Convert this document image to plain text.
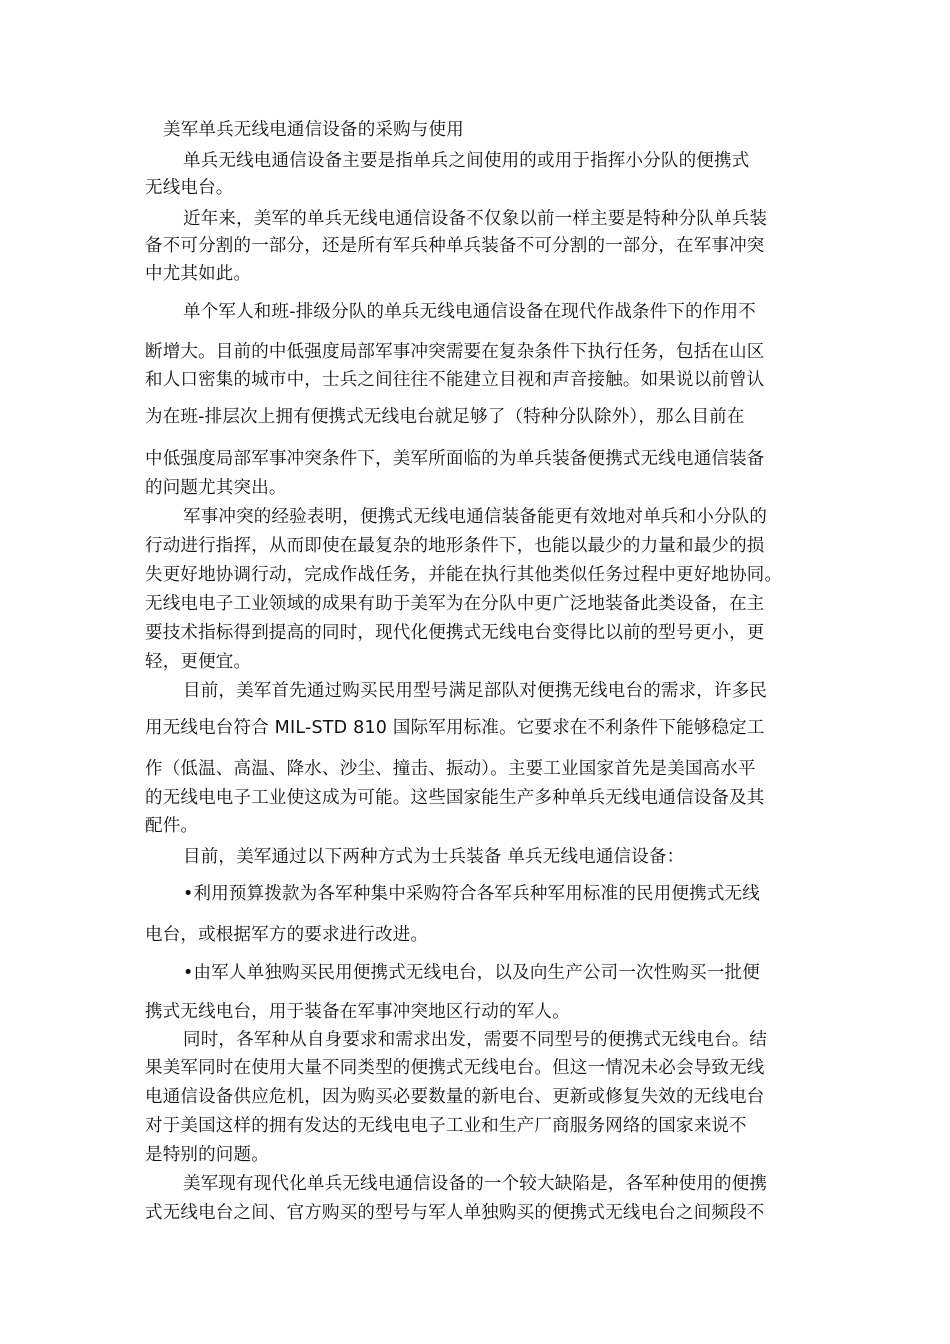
美军单兵无线电通信设备的采购与使用
单兵无线电通信设备主要是指单兵之间使用的或用于指挥小分队的便携式
无线电台。
近年来，美军的单兵无线电通信设备不仅象以前一样主要是特种分队单兵装
备不可分割的一部分，还是所有军兵种单兵装备不可分割的一部分，在军事冲突
中尤其如此。
单个军人和班-排级分队的单兵无线电通信设备在现代作战条件下的作用不
断增大。目前的中低强度局部军事冲突需要在复杂条件下执行任务，包括在山区
和人口密集的城市中，士兵之间往往不能建立目视和声音接触。如果说以前曾认
为在班-排层次上拥有便携式无线电台就足够了（特种分队除外），那么目前在
中低强度局部军事冲突条件下，美军所面临的为单兵装备便携式无线电通信装备
的问题尤其突出。
军事冲突的经验表明，便携式无线电通信装备能更有效地对单兵和小分队的
行动进行指挥，从而即使在最复杂的地形条件下，也能以最少的力量和最少的损
失更好地协调行动，完成作战任务，并能在执行其他类似任务过程中更好地协同。
无线电电子工业领域的成果有助于美军为在分队中更广泛地装备此类设备，在主
要技术指标得到提高的同时，现代化便携式无线电台变得比以前的型号更小，更
轻，更便宜。
目前，美军首先通过购买民用型号满足部队对便携无线电台的需求，许多民
用无线电台符合 MIL-STD 810 国际军用标准。它要求在不利条件下能够稳定工
作（低温、高温、降水、沙尘、撞击、振动）。主要工业国家首先是美国高水平
的无线电电子工业使这成为可能。这些国家能生产多种单兵无线电通信设备及其
配件。
目前，美军通过以下两种方式为士兵装备 单兵无线电通信设备：
•利用预算拨款为各军种集中采购符合各军兵种军用标准的民用便携式无线
电台，或根据军方的要求进行改进。
•由军人单独购买民用便携式无线电台，以及向生产公司一次性购买一批便
携式无线电台，用于装备在军事冲突地区行动的军人。
同时，各军种从自身要求和需求出发，需要不同型号的便携式无线电台。结
果美军同时在使用大量不同类型的便携式无线电台。但这一情况未必会导致无线
电通信设备供应危机，因为购买必要数量的新电台、更新或修复失效的无线电台
对于美国这样的拥有发达的无线电电子工业和生产厂商服务网络的国家来说不
是特别的问题。
美军现有现代化单兵无线电通信设备的一个较大缺陷是，各军种使用的便携
式无线电台之间、官方购买的型号与军人单独购买的便携式无线电台之间频段不
